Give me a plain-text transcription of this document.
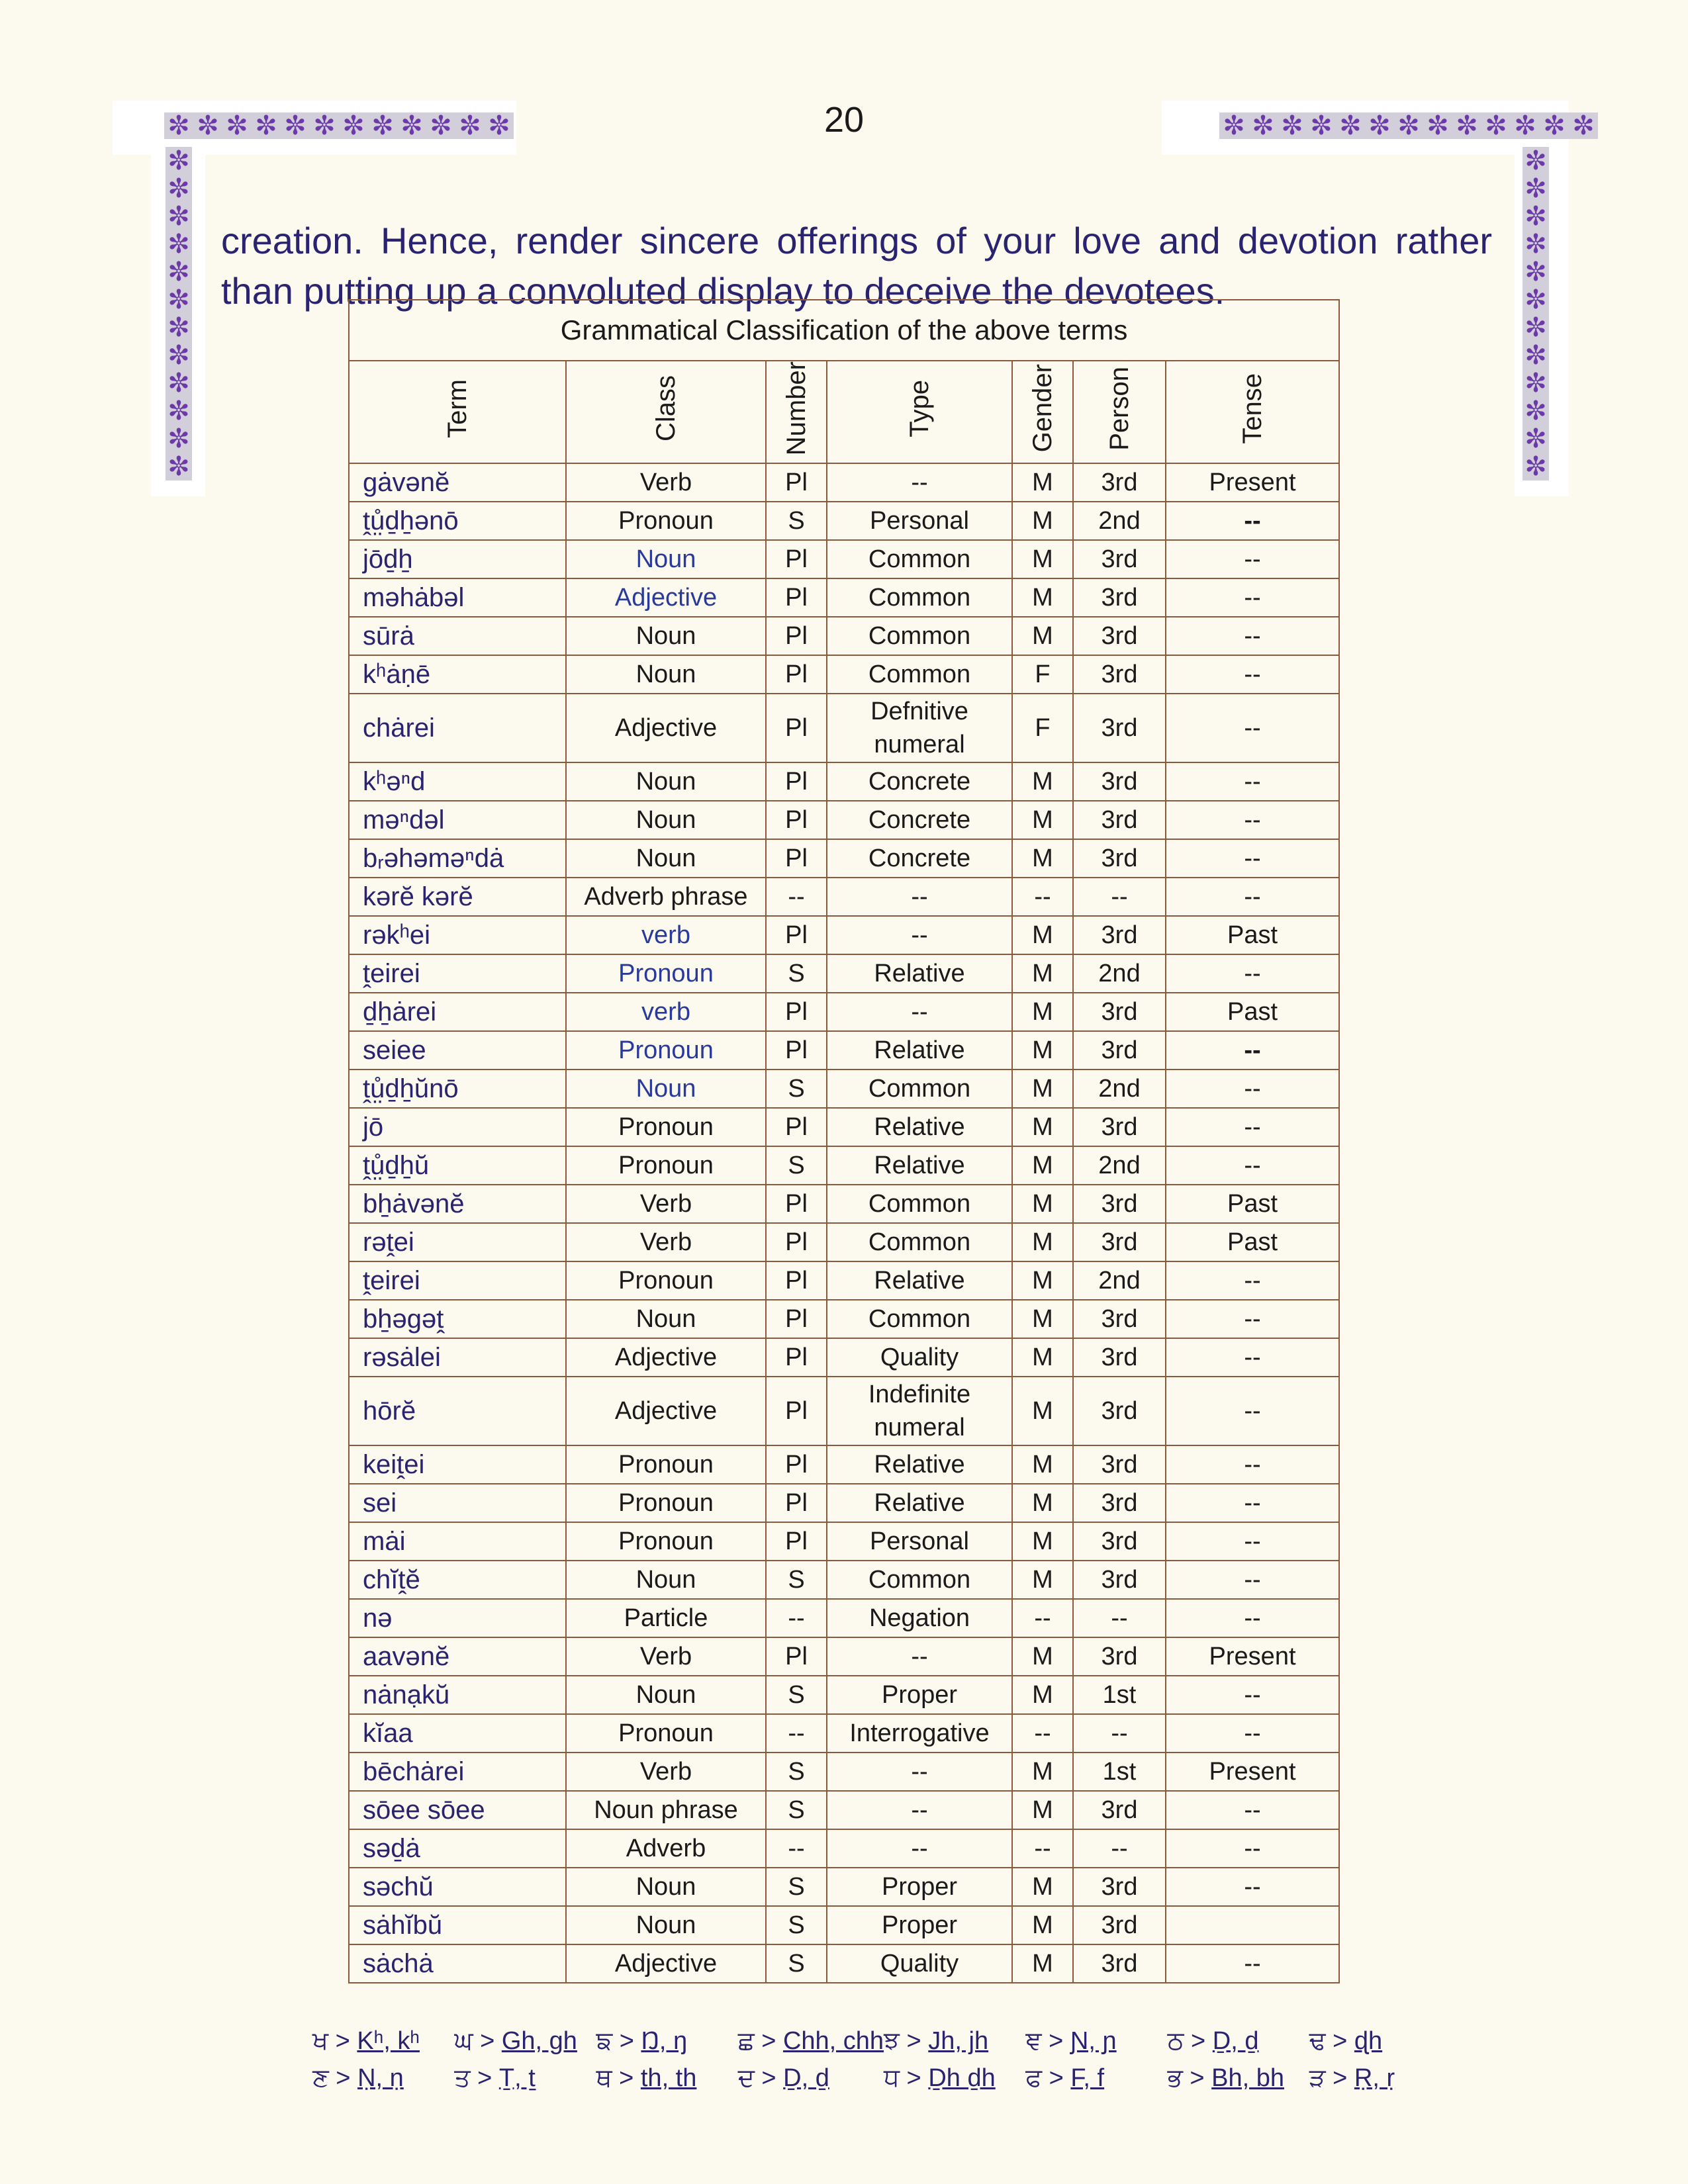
✼ ✼ ✼ ✼ ✼ ✼ ✼ ✼ ✼ ✼ ✼ ✼
✼
✼
✼
✼
✼
✼
✼
✼
✼
✼
✼
✼
✼ ✼ ✼ ✼ ✼ ✼ ✼ ✼ ✼ ✼ ✼ ✼ ✼
✼
✼
✼
✼
✼
✼
✼
✼
✼
✼
✼
✼
20

creation. Hence, render sincere offerings of your love and devotion rather than putting up a convoluted display to deceive the devotees.

Grammatical Classification of the above terms						
Term	Class	Number	Type	Gender	Person	Tense
gȧvənĕ	Verb	Pl	--	M	3rd	Present
ṱṳ̊ḏẖənō	Pronoun	S	Personal	M	2nd	--
jōḏẖ	Noun	Pl	Common	M	3rd	--
məhȧbəl	Adjective	Pl	Common	M	3rd	--
sūrȧ	Noun	Pl	Common	M	3rd	--
kʰȧṇē	Noun	Pl	Common	F	3rd	--
chȧrei	Adjective	Pl	Defnitive numeral	F	3rd	--
kʰəⁿd	Noun	Pl	Concrete	M	3rd	--
məⁿdəl	Noun	Pl	Concrete	M	3rd	--
bᵣəhəməⁿdȧ	Noun	Pl	Concrete	M	3rd	--
kərĕ kərĕ	Adverb phrase	--	--	--	--	--
rəkʰei	verb	Pl	--	M	3rd	Past
ṱeirei	Pronoun	S	Relative	M	2nd	--
ḏẖȧrei	verb	Pl	--	M	3rd	Past
seiee	Pronoun	Pl	Relative	M	3rd	--
ṱṳ̊ḏẖŭnō	Noun	S	Common	M	2nd	--
jō	Pronoun	Pl	Relative	M	3rd	--
ṱṳ̊ḏẖŭ	Pronoun	S	Relative	M	2nd	--
bẖȧvənĕ	Verb	Pl	Common	M	3rd	Past
rəṱei	Verb	Pl	Common	M	3rd	Past
ṱeirei	Pronoun	Pl	Relative	M	2nd	--
bẖəgəṱ	Noun	Pl	Common	M	3rd	--
rəsȧlei	Adjective	Pl	Quality	M	3rd	--
hōrĕ	Adjective	Pl	Indefinite numeral	M	3rd	--
keiṱei	Pronoun	Pl	Relative	M	3rd	--
sei	Pronoun	Pl	Relative	M	3rd	--
mȧi	Pronoun	Pl	Personal	M	3rd	--
chĭṱĕ	Noun	S	Common	M	3rd	--
nə	Particle	--	Negation	--	--	--
aavənĕ	Verb	Pl	--	M	3rd	Present
nȧnạkŭ	Noun	S	Proper	M	1st	--
kĭaa	Pronoun	--	Interrogative	--	--	--
bēchȧrei	Verb	S	--	M	1st	Present
sōee sōee	Noun phrase	S	--	M	3rd	--
səḏȧ	Adverb	--	--	--	--	--
səchŭ	Noun	S	Proper	M	3rd	--
sȧhĭbŭ	Noun	S	Proper	M	3rd	
sȧchȧ	Adjective	S	Quality	M	3rd	--
ਖ > Kʰ, kʰ	ਘ > Gh, gh ਙ > Ŋ, ŋ	ਛ > Chh, chh ਝ > Jh, jh	ਞ > Ɲ, ɲ	ਠ > Ḏ, ḏ	ਢ > ɖh
ਣ > Ṇ, ṇ	ਤ > Ṯ, ṯ	ਥ > th, th	ਦ > Ḏ, ḏ	ਧ > Ḏh ḏh	ਫ > F, f	ਭ > Bh, bh ੜ > Ṛ, ṛ
